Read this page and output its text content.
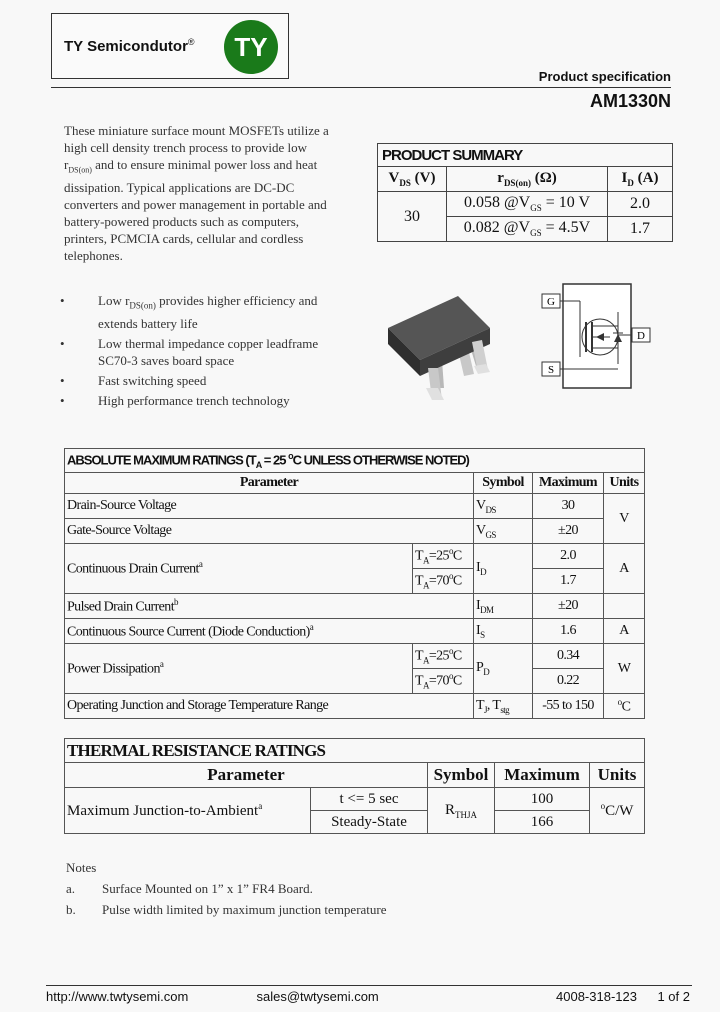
TY Semicondutor® TY
Product specification
AM1330N
These miniature surface mount MOSFETs utilize a
high cell density trench process to provide low
$r_{DS(on)}$ and to ensure minimal power loss and heat
dissipation. Typical applications are DC-DC
converters and power management in portable and
battery-powered products such as computers,
printers, PCMCIA cards, cellular and cordless
telephones.
PRODUCT SUMMARY		
$V_{DS}$ (V)	$r_{DS(on)}$ (Ω)	$I_D$ (A)
30	0.058 $@V_{GS} = 10$ V	2.0
	0.082 $@V_{GS} = 4.5V$	1.7
•	Low $r_{DS(on)}$ provides higher efficiency and
extends battery life
•	Low thermal impedance copper leadframe
SC70-3 saves board space
•	Fast switching speed
•	High performance trench technology
G
S
D
ABSOLUTE MAXIMUM RATINGS ($T_A = 25$ $^o$C UNLESS OTHERWISE NOTED)				
Parameter		Symbol	Maximum	Units
Drain-Source Voltage		$V_{DS}$	30	V
Gate-Source Voltage		$V_{GS}$	±20	
Continuous Drain Current$^a$	$T_A=25^oC$	$I_D$	2.0	A
	$T_A=70^oC$		1.7	
Pulsed Drain Current$^b$		$I_{DM}$	±20	
Continuous Source Current (Diode Conduction)$^a$		$I_S$	1.6	A
Power Dissipation$^a$	$T_A=25^oC$	$P_D$	0.34	W
	$T_A=70^oC$		0.22	
Operating Junction and Storage Temperature Range		$T_J$, $T_{stg}$	-55 to 150	$^o$C
THERMAL RESISTANCE RATINGS				
Parameter		Symbol	Maximum	Units
Maximum Junction-to-Ambient$^a$	t <= 5 sec	$R_{THJA}$	100	$^o$C/W
	Steady-State		166	
Notes
a.	Surface Mounted on 1” x 1” FR4 Board.
b.	Pulse width limited by maximum junction temperature
http://www.twtysemi.com	sales@twtysemi.com	4008-318-123 1 of 2
